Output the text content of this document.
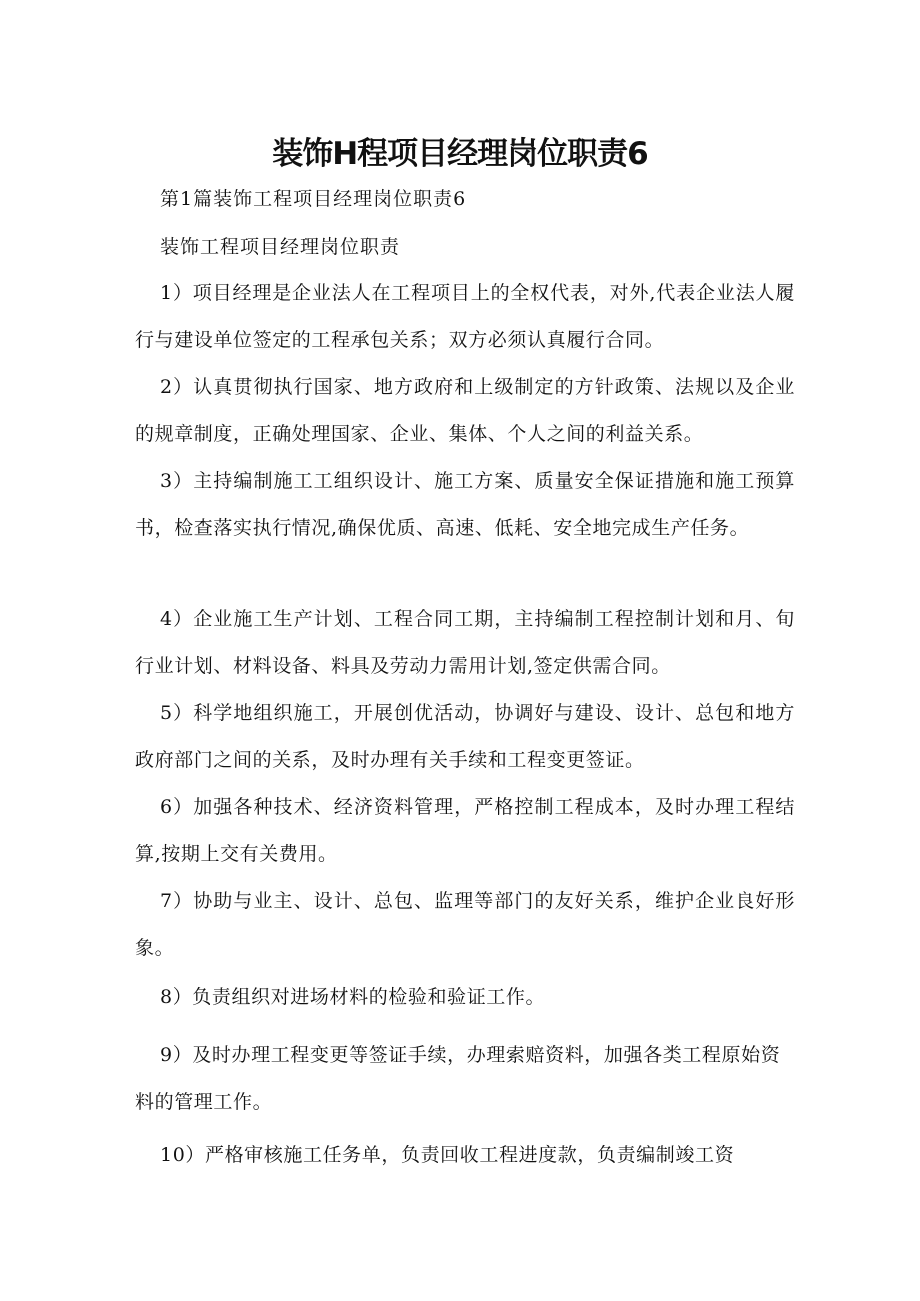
装饰H程项目经理岗位职责6

第1篇装饰工程项目经理岗位职责6

装饰工程项目经理岗位职责

1）项目经理是企业法人在工程项目上的全权代表，对外,代表企业法人履行与建设单位签定的工程承包关系；双方必须认真履行合同。

2）认真贯彻执行国家、地方政府和上级制定的方针政策、法规以及企业的规章制度，正确处理国家、企业、集体、个人之间的利益关系。

3）主持编制施工工组织设计、施工方案、质量安全保证措施和施工预算书，检查落实执行情况,确保优质、高速、低耗、安全地完成生产任务。

4）企业施工生产计划、工程合同工期，主持编制工程控制计划和月、旬行业计划、材料设备、料具及劳动力需用计划,签定供需合同。

5）科学地组织施工，开展创优活动，协调好与建设、设计、总包和地方政府部门之间的关系，及时办理有关手续和工程变更签证。

6）加强各种技术、经济资料管理，严格控制工程成本，及时办理工程结算,按期上交有关费用。

7）协助与业主、设计、总包、监理等部门的友好关系，维护企业良好形象。

8）负责组织对进场材料的检验和验证工作。

9）及时办理工程变更等签证手续，办理索赔资料，加强各类工程原始资料的管理工作。

10）严格审核施工任务单，负责回收工程进度款，负责编制竣工资
